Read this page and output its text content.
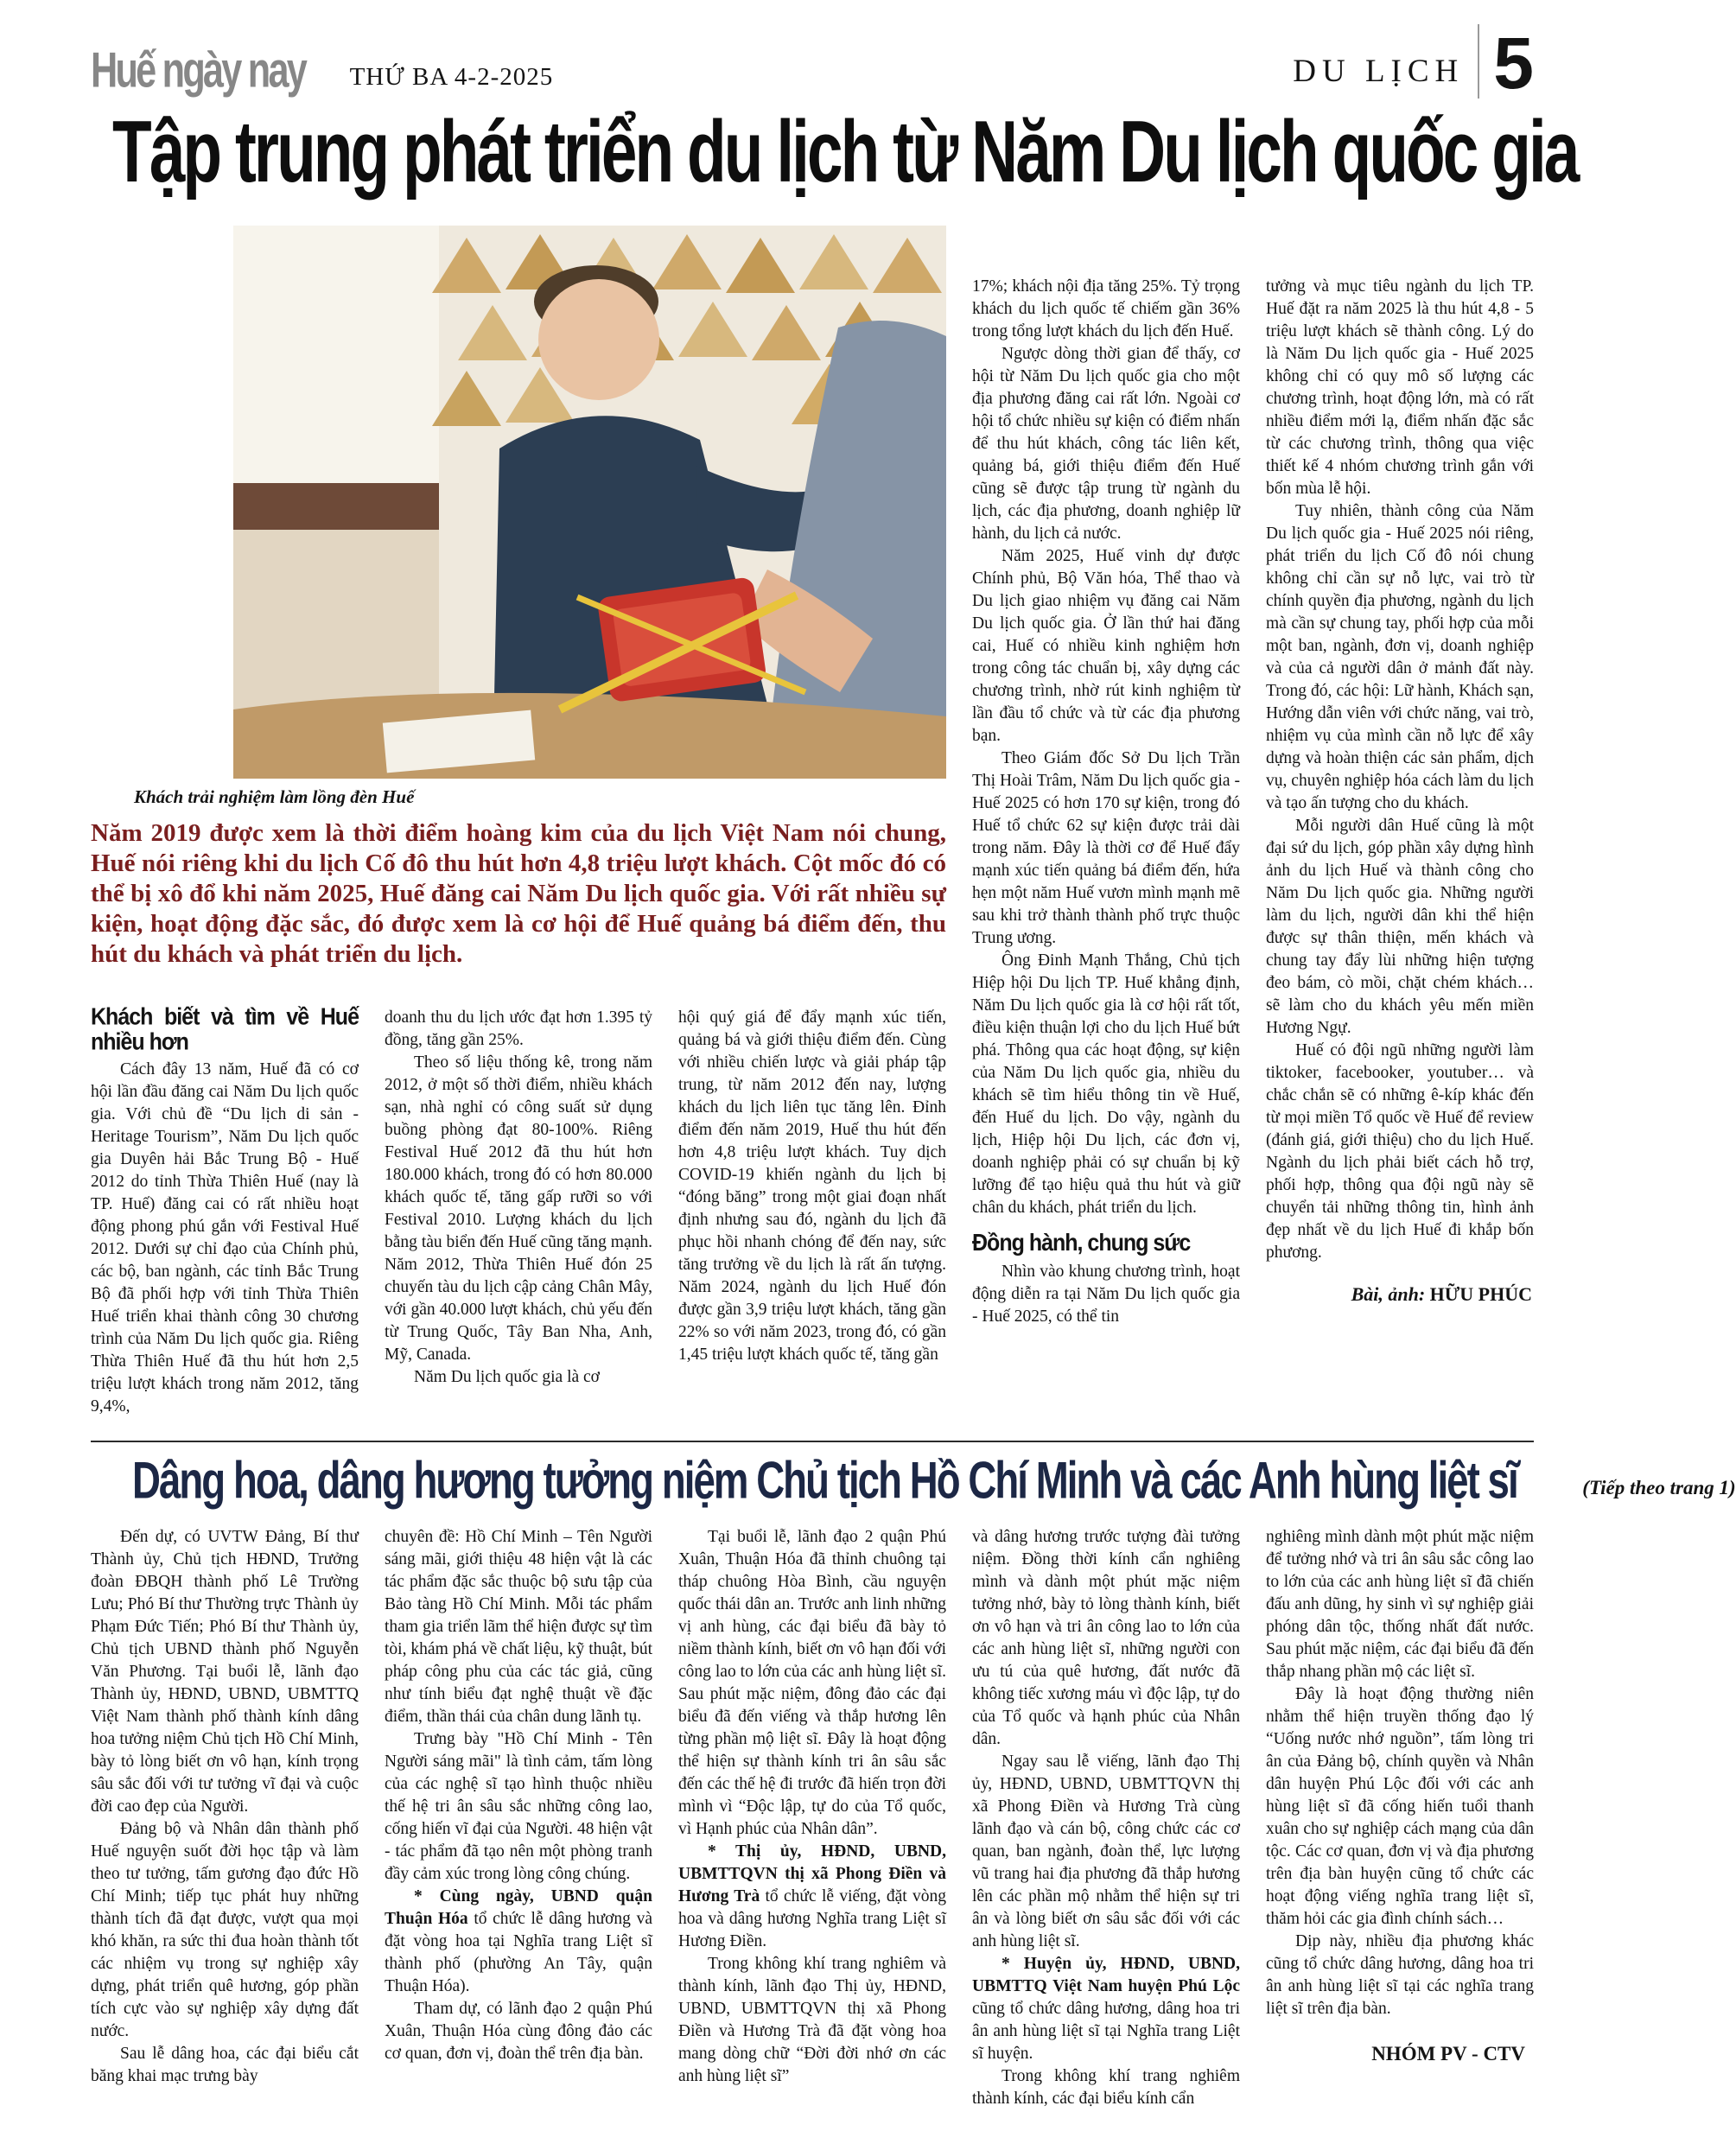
Huế ngày nay THỨ BA 4-2-2025	DU LỊCH 5
Tập trung phát triển du lịch từ Năm Du lịch quốc gia
Khách trải nghiệm làm lồng đèn Huế

Năm 2019 được xem là thời điểm hoàng kim của du lịch Việt Nam nói chung, Huế nói riêng khi du lịch Cố đô thu hút hơn 4,8 triệu lượt khách. Cột mốc đó có thể bị xô đổ khi năm 2025, Huế đăng cai Năm Du lịch quốc gia. Với rất nhiều sự kiện, hoạt động đặc sắc, đó được xem là cơ hội để Huế quảng bá điểm đến, thu hút du khách và phát triển du lịch.

Khách biết và tìm về Huế nhiều hơn

Cách đây 13 năm, Huế đã có cơ hội lần đầu đăng cai Năm Du lịch quốc gia. Với chủ đề “Du lịch di sản - Heritage Tourism”, Năm Du lịch quốc gia Duyên hải Bắc Trung Bộ - Huế 2012 do tỉnh Thừa Thiên Huế (nay là TP. Huế) đăng cai có rất nhiều hoạt động phong phú gắn với Festival Huế 2012. Dưới sự chỉ đạo của Chính phủ, các bộ, ban ngành, các tỉnh Bắc Trung Bộ đã phối hợp với tỉnh Thừa Thiên Huế triển khai thành công 30 chương trình của Năm Du lịch quốc gia. Riêng Thừa Thiên Huế đã thu hút hơn 2,5 triệu lượt khách trong năm 2012, tăng 9,4%,

doanh thu du lịch ước đạt hơn 1.395 tỷ đồng, tăng gần 25%.

Theo số liệu thống kê, trong năm 2012, ở một số thời điểm, nhiều khách sạn, nhà nghỉ có công suất sử dụng buồng phòng đạt 80-100%. Riêng Festival Huế 2012 đã thu hút hơn 180.000 khách, trong đó có hơn 80.000 khách quốc tế, tăng gấp rưỡi so với Festival 2010. Lượng khách du lịch bằng tàu biển đến Huế cũng tăng mạnh. Năm 2012, Thừa Thiên Huế đón 25 chuyến tàu du lịch cập cảng Chân Mây, với gần 40.000 lượt khách, chủ yếu đến từ Trung Quốc, Tây Ban Nha, Anh, Mỹ, Canada.

Năm Du lịch quốc gia là cơ

hội quý giá để đẩy mạnh xúc tiến, quảng bá và giới thiệu điểm đến. Cùng với nhiều chiến lược và giải pháp tập trung, từ năm 2012 đến nay, lượng khách du lịch liên tục tăng lên. Đỉnh điểm đến năm 2019, Huế thu hút đến hơn 4,8 triệu lượt khách. Tuy dịch COVID-19 khiến ngành du lịch bị “đóng băng” trong một giai đoạn nhất định nhưng sau đó, ngành du lịch đã phục hồi nhanh chóng để đến nay, sức tăng trưởng về du lịch là rất ấn tượng. Năm 2024, ngành du lịch Huế đón được gần 3,9 triệu lượt khách, tăng gần 22% so với năm 2023, trong đó, có gần 1,45 triệu lượt khách quốc tế, tăng gần

17%; khách nội địa tăng 25%. Tỷ trọng khách du lịch quốc tế chiếm gần 36% trong tổng lượt khách du lịch đến Huế.

Ngược dòng thời gian để thấy, cơ hội từ Năm Du lịch quốc gia cho một địa phương đăng cai rất lớn. Ngoài cơ hội tổ chức nhiều sự kiện có điểm nhấn để thu hút khách, công tác liên kết, quảng bá, giới thiệu điểm đến Huế cũng sẽ được tập trung từ ngành du lịch, các địa phương, doanh nghiệp lữ hành, du lịch cả nước.

Năm 2025, Huế vinh dự được Chính phủ, Bộ Văn hóa, Thể thao và Du lịch giao nhiệm vụ đăng cai Năm Du lịch quốc gia. Ở lần thứ hai đăng cai, Huế có nhiều kinh nghiệm hơn trong công tác chuẩn bị, xây dựng các chương trình, nhờ rút kinh nghiệm từ lần đầu tổ chức và từ các địa phương bạn.

Theo Giám đốc Sở Du lịch Trần Thị Hoài Trâm, Năm Du lịch quốc gia - Huế 2025 có hơn 170 sự kiện, trong đó Huế tổ chức 62 sự kiện được trải dài trong năm. Đây là thời cơ để Huế đẩy mạnh xúc tiến quảng bá điểm đến, hứa hẹn một năm Huế vươn mình mạnh mẽ sau khi trở thành thành phố trực thuộc Trung ương.

Ông Đinh Mạnh Thắng, Chủ tịch Hiệp hội Du lịch TP. Huế khẳng định, Năm Du lịch quốc gia là cơ hội rất tốt, điều kiện thuận lợi cho du lịch Huế bứt phá. Thông qua các hoạt động, sự kiện của Năm Du lịch quốc gia, nhiều du khách sẽ tìm hiểu thông tin về Huế, đến Huế du lịch. Do vậy, ngành du lịch, Hiệp hội Du lịch, các đơn vị, doanh nghiệp phải có sự chuẩn bị kỹ lưỡng để tạo hiệu quả thu hút và giữ chân du khách, phát triển du lịch.

Đồng hành, chung sức

Nhìn vào khung chương trình, hoạt động diễn ra tại Năm Du lịch quốc gia - Huế 2025, có thể tin

tưởng và mục tiêu ngành du lịch TP. Huế đặt ra năm 2025 là thu hút 4,8 - 5 triệu lượt khách sẽ thành công. Lý do là Năm Du lịch quốc gia - Huế 2025 không chỉ có quy mô số lượng các chương trình, hoạt động lớn, mà có rất nhiều điểm mới lạ, điểm nhấn đặc sắc từ các chương trình, thông qua việc thiết kế 4 nhóm chương trình gắn với bốn mùa lễ hội.

Tuy nhiên, thành công của Năm Du lịch quốc gia - Huế 2025 nói riêng, phát triển du lịch Cố đô nói chung không chỉ cần sự nỗ lực, vai trò từ chính quyền địa phương, ngành du lịch mà cần sự chung tay, phối hợp của mỗi một ban, ngành, đơn vị, doanh nghiệp và của cả người dân ở mảnh đất này. Trong đó, các hội: Lữ hành, Khách sạn, Hướng dẫn viên với chức năng, vai trò, nhiệm vụ của mình cần nỗ lực để xây dựng và hoàn thiện các sản phẩm, dịch vụ, chuyên nghiệp hóa cách làm du lịch và tạo ấn tượng cho du khách.

Mỗi người dân Huế cũng là một đại sứ du lịch, góp phần xây dựng hình ảnh du lịch Huế và thành công cho Năm Du lịch quốc gia. Những người làm du lịch, người dân khi thể hiện được sự thân thiện, mến khách và chung tay đẩy lùi những hiện tượng đeo bám, cò mồi, chặt chém khách… sẽ làm cho du khách yêu mến miền Hương Ngự.

Huế có đội ngũ những người làm tiktoker, facebooker, youtuber… và chắc chắn sẽ có những ê-kíp khác đến từ mọi miền Tổ quốc về Huế để review (đánh giá, giới thiệu) cho du lịch Huế. Ngành du lịch phải biết cách hỗ trợ, phối hợp, thông qua đội ngũ này sẽ chuyển tải những thông tin, hình ảnh đẹp nhất về du lịch Huế đi khắp bốn phương.

Bài, ảnh: HỮU PHÚC
Dâng hoa, dâng hương tưởng niệm Chủ tịch Hồ Chí Minh và các Anh hùng liệt sĩ	(Tiếp theo trang 1)

Đến dự, có UVTW Đảng, Bí thư Thành ủy, Chủ tịch HĐND, Trưởng đoàn ĐBQH thành phố Lê Trường Lưu; Phó Bí thư Thường trực Thành ủy Phạm Đức Tiến; Phó Bí thư Thành ủy, Chủ tịch UBND thành phố Nguyễn Văn Phương. Tại buổi lễ, lãnh đạo Thành ủy, HĐND, UBND, UBMTTQ Việt Nam thành phố thành kính dâng hoa tưởng niệm Chủ tịch Hồ Chí Minh, bày tỏ lòng biết ơn vô hạn, kính trọng sâu sắc đối với tư tưởng vĩ đại và cuộc đời cao đẹp của Người.

Đảng bộ và Nhân dân thành phố Huế nguyện suốt đời học tập và làm theo tư tưởng, tấm gương đạo đức Hồ Chí Minh; tiếp tục phát huy những thành tích đã đạt được, vượt qua mọi khó khăn, ra sức thi đua hoàn thành tốt các nhiệm vụ trong sự nghiệp xây dựng, phát triển quê hương, góp phần tích cực vào sự nghiệp xây dựng đất nước.

Sau lễ dâng hoa, các đại biểu cắt băng khai mạc trưng bày

chuyên đề: Hồ Chí Minh – Tên Người sáng mãi, giới thiệu 48 hiện vật là các tác phẩm đặc sắc thuộc bộ sưu tập của Bảo tàng Hồ Chí Minh. Mỗi tác phẩm tham gia triển lãm thể hiện được sự tìm tòi, khám phá về chất liệu, kỹ thuật, bút pháp công phu của các tác giả, cũng như tính biểu đạt nghệ thuật về đặc điểm, thần thái của chân dung lãnh tụ.

Trưng bày "Hồ Chí Minh - Tên Người sáng mãi" là tình cảm, tấm lòng của các nghệ sĩ tạo hình thuộc nhiều thế hệ tri ân sâu sắc những công lao, cống hiến vĩ đại của Người. 48 hiện vật - tác phẩm đã tạo nên một phòng tranh đầy cảm xúc trong lòng công chúng.

* Cùng ngày, UBND quận Thuận Hóa tổ chức lễ dâng hương và đặt vòng hoa tại Nghĩa trang Liệt sĩ thành phố (phường An Tây, quận Thuận Hóa).

Tham dự, có lãnh đạo 2 quận Phú Xuân, Thuận Hóa cùng đông đảo các cơ quan, đơn vị, đoàn thể trên địa bàn.

Tại buổi lễ, lãnh đạo 2 quận Phú Xuân, Thuận Hóa đã thỉnh chuông tại tháp chuông Hòa Bình, cầu nguyện quốc thái dân an. Trước anh linh những vị anh hùng, các đại biểu đã bày tỏ niềm thành kính, biết ơn vô hạn đối với công lao to lớn của các anh hùng liệt sĩ. Sau phút mặc niệm, đông đảo các đại biểu đã đến viếng và thắp hương lên từng phần mộ liệt sĩ. Đây là hoạt động thể hiện sự thành kính tri ân sâu sắc đến các thế hệ đi trước đã hiến trọn đời mình vì “Độc lập, tự do của Tổ quốc, vì Hạnh phúc của Nhân dân”.

* Thị ủy, HĐND, UBND, UBMTTQVN thị xã Phong Điền và Hương Trà tổ chức lễ viếng, đặt vòng hoa và dâng hương Nghĩa trang Liệt sĩ Hương Điền.

Trong không khí trang nghiêm và thành kính, lãnh đạo Thị ủy, HĐND, UBND, UBMTTQVN thị xã Phong Điền và Hương Trà đã đặt vòng hoa mang dòng chữ “Đời đời nhớ ơn các anh hùng liệt sĩ”

và dâng hương trước tượng đài tưởng niệm. Đồng thời kính cẩn nghiêng mình và dành một phút mặc niệm tưởng nhớ, bày tỏ lòng thành kính, biết ơn vô hạn và tri ân công lao to lớn của các anh hùng liệt sĩ, những người con ưu tú của quê hương, đất nước đã không tiếc xương máu vì độc lập, tự do của Tổ quốc và hạnh phúc của Nhân dân.

Ngay sau lễ viếng, lãnh đạo Thị ủy, HĐND, UBND, UBMTTQVN thị xã Phong Điền và Hương Trà cùng lãnh đạo và cán bộ, công chức các cơ quan, ban ngành, đoàn thể, lực lượng vũ trang hai địa phương đã thắp hương lên các phần mộ nhằm thể hiện sự tri ân và lòng biết ơn sâu sắc đối với các anh hùng liệt sĩ.

* Huyện ủy, HĐND, UBND, UBMTTQ Việt Nam huyện Phú Lộc cũng tổ chức dâng hương, dâng hoa tri ân anh hùng liệt sĩ tại Nghĩa trang Liệt sĩ huyện.

Trong không khí trang nghiêm thành kính, các đại biểu kính cẩn

nghiêng mình dành một phút mặc niệm để tưởng nhớ và tri ân sâu sắc công lao to lớn của các anh hùng liệt sĩ đã chiến đấu anh dũng, hy sinh vì sự nghiệp giải phóng dân tộc, thống nhất đất nước. Sau phút mặc niệm, các đại biểu đã đến thắp nhang phần mộ các liệt sĩ.

Đây là hoạt động thường niên nhằm thể hiện truyền thống đạo lý “Uống nước nhớ nguồn”, tấm lòng tri ân của Đảng bộ, chính quyền và Nhân dân huyện Phú Lộc đối với các anh hùng liệt sĩ đã cống hiến tuổi thanh xuân cho sự nghiệp cách mạng của dân tộc. Các cơ quan, đơn vị và địa phương trên địa bàn huyện cũng tổ chức các hoạt động viếng nghĩa trang liệt sĩ, thăm hỏi các gia đình chính sách…

Dịp này, nhiều địa phương khác cũng tổ chức dâng hương, dâng hoa tri ân anh hùng liệt sĩ tại các nghĩa trang liệt sĩ trên địa bàn.

NHÓM PV - CTV
